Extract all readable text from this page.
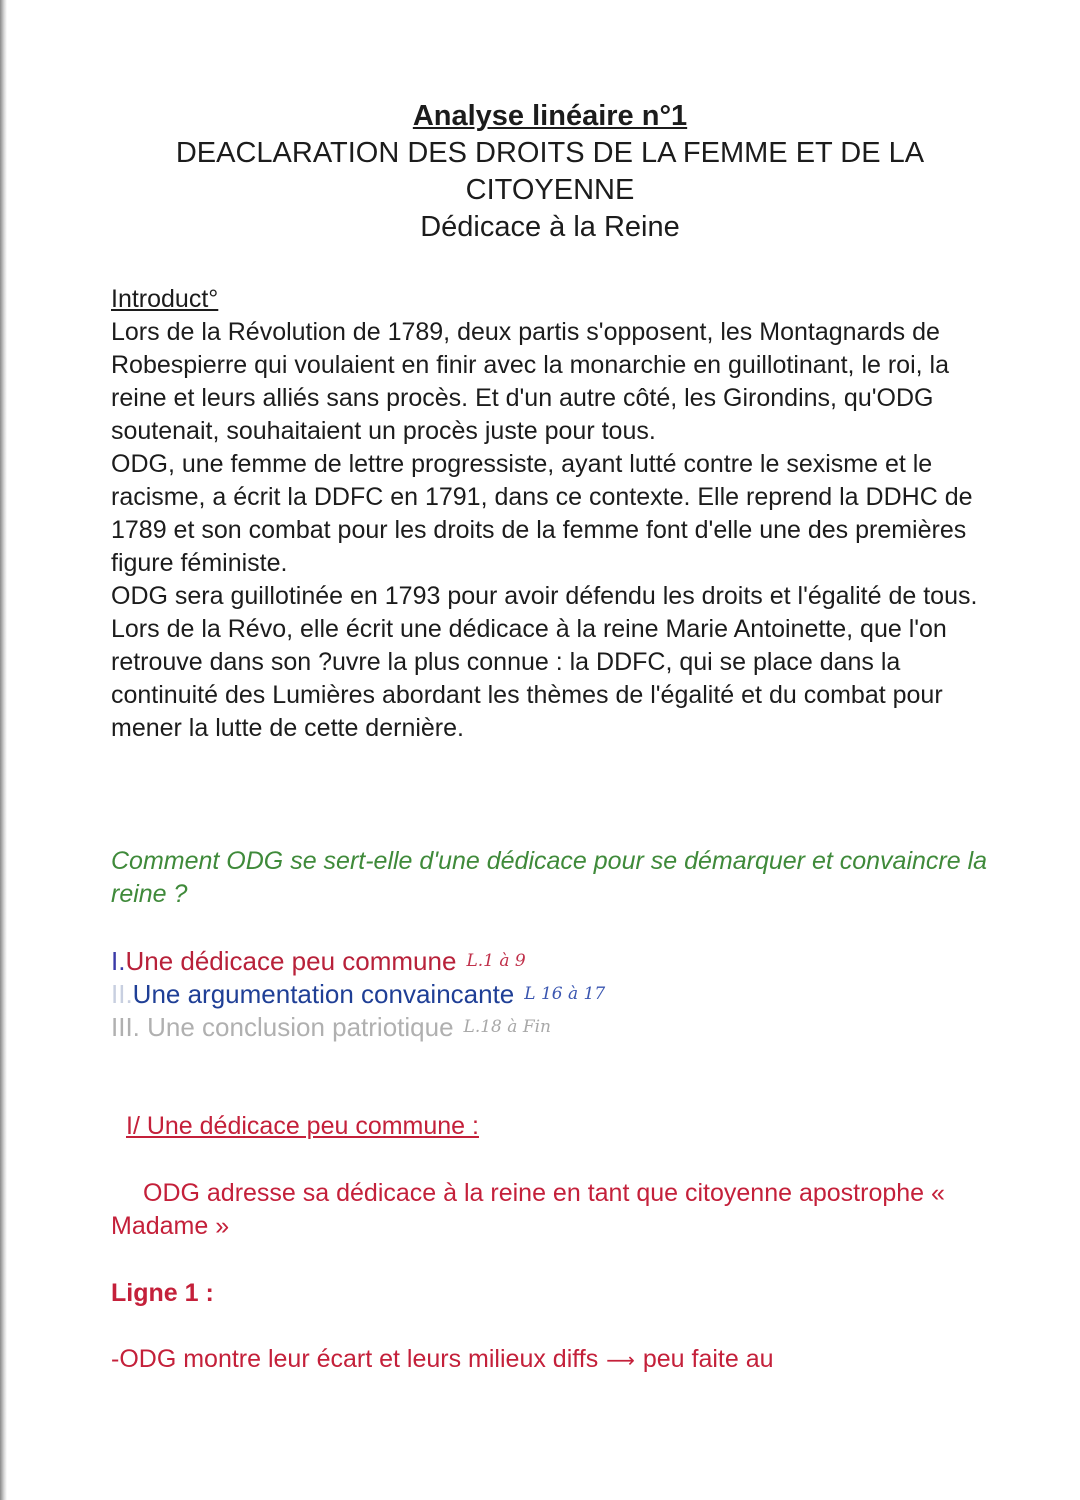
Analyse linéaire n°1
DEACLARATION DES DROITS DE LA FEMME ET DE LA
CITOYENNE
Dédicace à la Reine

Introduct°

Lors de la Révolution de 1789, deux partis s'opposent, les Montagnards de Robespierre qui voulaient en finir avec la monarchie en guillotinant, le roi, la reine et leurs alliés sans procès. Et d'un autre côté, les Girondins, qu'ODG soutenait, souhaitaient un procès juste pour tous.

ODG, une femme de lettre progressiste, ayant lutté contre le sexisme et le racisme, a écrit la DDFC en 1791, dans ce contexte. Elle reprend la DDHC de 1789 et son combat pour les droits de la femme font d'elle une des premières figure féministe.

ODG sera guillotinée en 1793 pour avoir défendu les droits et l'égalité de tous.

Lors de la Révo, elle écrit une dédicace à la reine Marie Antoinette, que l'on retrouve dans son ?uvre la plus connue : la DDFC, qui se place dans la continuité des Lumières abordant les thèmes de l'égalité et du combat pour mener la lutte de cette dernière.

Comment ODG se sert-elle d'une dédicace pour se démarquer et convaincre la reine ?
I.Une dédicace peu commune L.1 à 9
II.Une argumentation convaincante L 16 à 17
III. Une conclusion patriotique L.18 à Fin
I/ Une dédicace peu commune :
ODG adresse sa dédicace à la reine en tant que citoyenne apostrophe « Madame »
Ligne 1 :
-ODG montre leur écart et leurs milieux diffs ⟶ peu faite au
